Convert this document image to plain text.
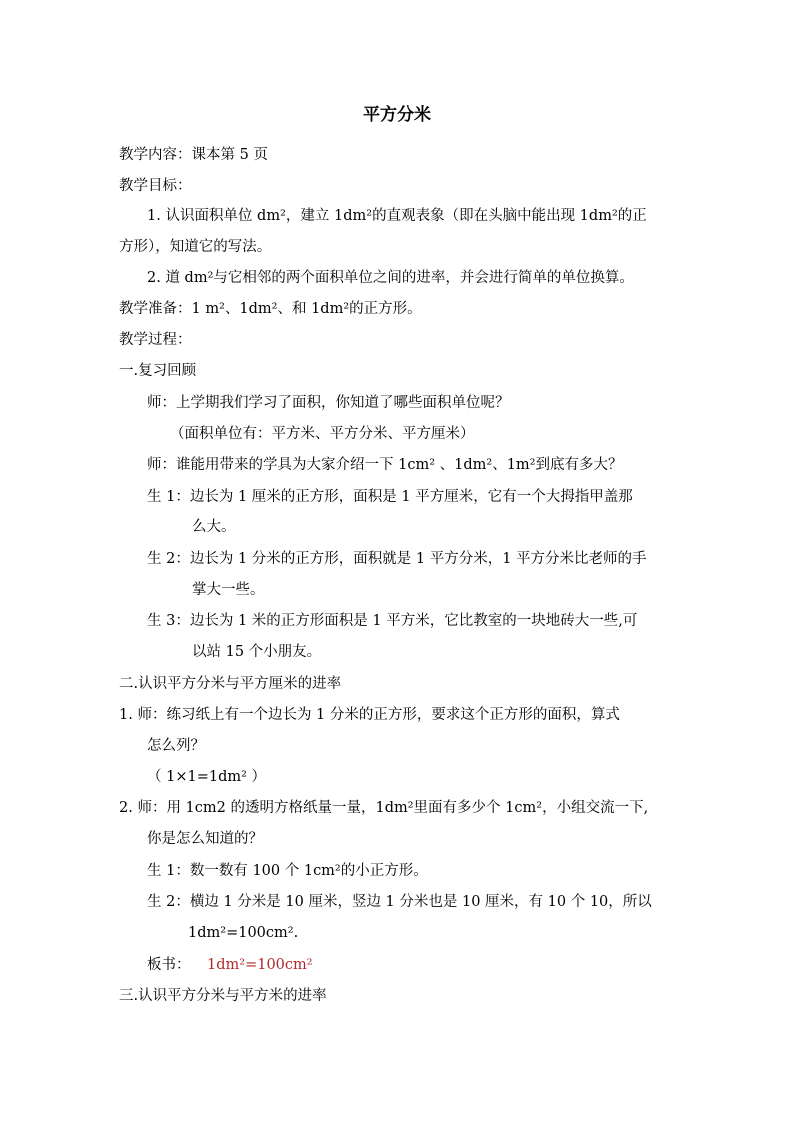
平方分米
教学内容：课本第 5 页
教学目标：
1. 认识面积单位 dm²，建立 1dm²的直观表象（即在头脑中能出现 1dm²的正
方形），知道它的写法。
2. 道 dm²与它相邻的两个面积单位之间的进率，并会进行简单的单位换算。
教学准备：1 m²、1dm²、和 1dm²的正方形。
教学过程：
一.复习回顾
师：上学期我们学习了面积，你知道了哪些面积单位呢？
（面积单位有：平方米、平方分米、平方厘米）
师：谁能用带来的学具为大家介绍一下 1cm² 、1dm²、1m²到底有多大？
生 1：边长为 1 厘米的正方形，面积是 1 平方厘米，它有一个大拇指甲盖那
么大。
生 2：边长为 1 分米的正方形，面积就是 1 平方分米，1 平方分米比老师的手
掌大一些。
生 3：边长为 1 米的正方形面积是 1 平方米，它比教室的一块地砖大一些,可
以站 15 个小朋友。
二.认识平方分米与平方厘米的进率
1. 师：练习纸上有一个边长为 1 分米的正方形，要求这个正方形的面积，算式
怎么列？
（ 1×1=1dm² ）
2. 师：用 1cm2 的透明方格纸量一量，1dm²里面有多少个 1cm²，小组交流一下,
你是怎么知道的？
生 1：数一数有 100 个 1cm²的小正方形。
生 2：横边 1 分米是 10 厘米，竖边 1 分米也是 10 厘米，有 10 个 10，所以
1dm²=100cm².
板书： 1dm²=100cm²
三.认识平方分米与平方米的进率
